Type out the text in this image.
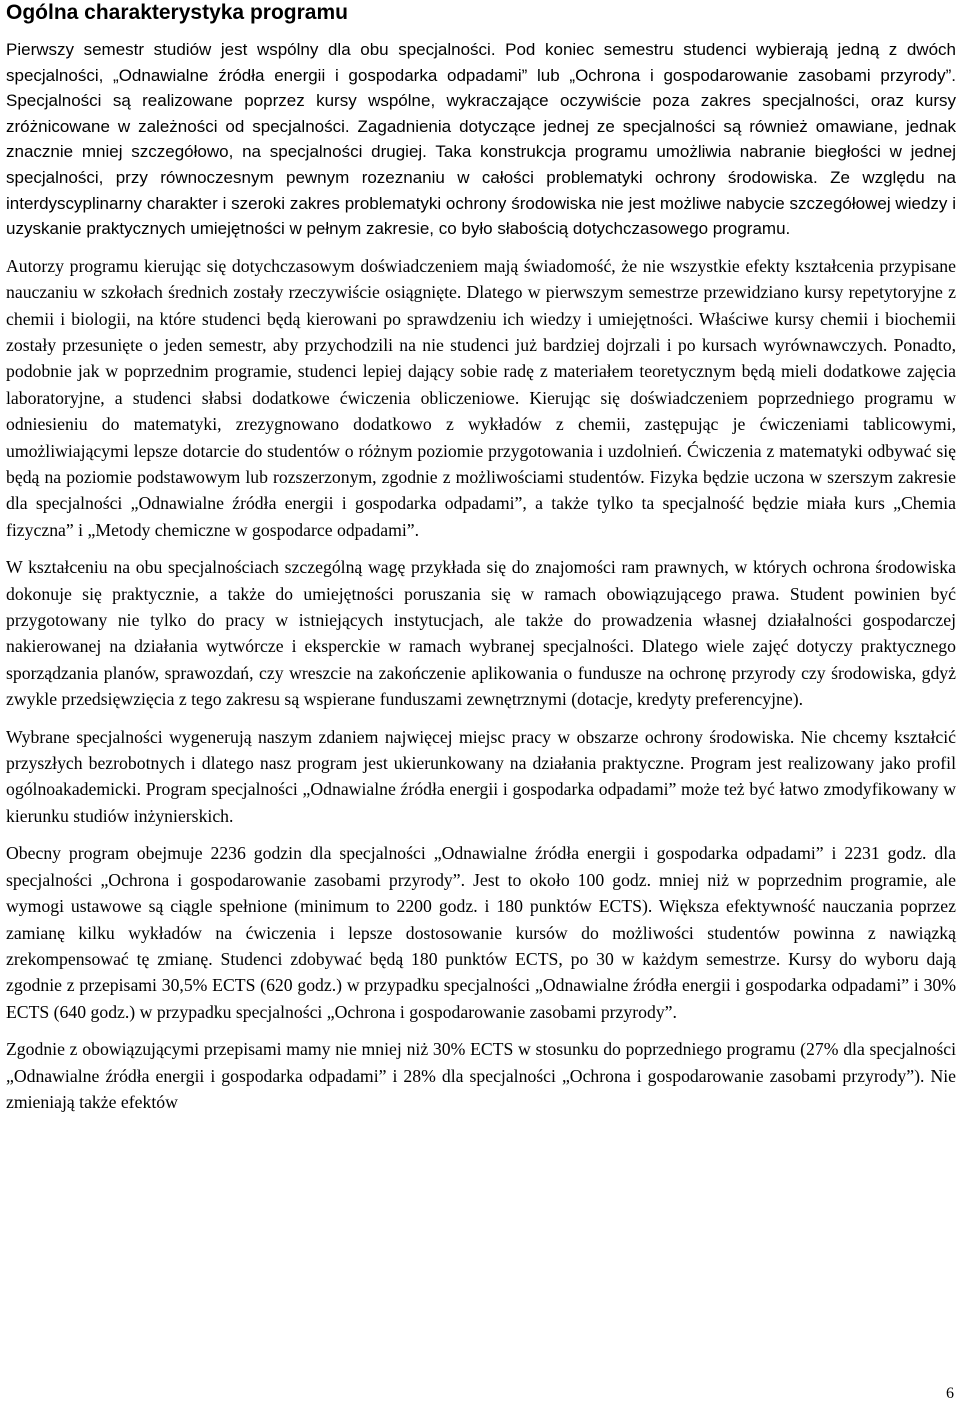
Ogólna charakterystyka programu

Pierwszy semestr studiów jest wspólny dla obu specjalności. Pod koniec semestru studenci wybierają jedną z dwóch specjalności, „Odnawialne źródła energii i gospodarka odpadami” lub „Ochrona i gospodarowanie zasobami przyrody”. Specjalności są realizowane poprzez kursy wspólne, wykraczające oczywiście poza zakres specjalności, oraz kursy zróżnicowane w zależności od specjalności. Zagadnienia dotyczące jednej ze specjalności są również omawiane, jednak znacznie mniej szczegółowo, na specjalności drugiej. Taka konstrukcja programu umożliwia nabranie biegłości w jednej specjalności, przy równoczesnym pewnym rozeznaniu w całości problematyki ochrony środowiska. Ze względu na interdyscyplinarny charakter i szeroki zakres problematyki ochrony środowiska nie jest możliwe nabycie szczegółowej wiedzy i uzyskanie praktycznych umiejętności w pełnym zakresie, co było słabością dotychczasowego programu.

Autorzy programu kierując się dotychczasowym doświadczeniem mają świadomość, że nie wszystkie efekty kształcenia przypisane nauczaniu w szkołach średnich zostały rzeczywiście osiągnięte. Dlatego w pierwszym semestrze przewidziano kursy repetytoryjne z chemii i biologii, na które studenci będą kierowani po sprawdzeniu ich wiedzy i umiejętności. Właściwe kursy chemii i biochemii zostały przesunięte o jeden semestr, aby przychodzili na nie studenci już bardziej dojrzali i po kursach wyrównawczych. Ponadto, podobnie jak w poprzednim programie, studenci lepiej dający sobie radę z materiałem teoretycznym będą mieli dodatkowe zajęcia laboratoryjne, a studenci słabsi dodatkowe ćwiczenia obliczeniowe. Kierując się doświadczeniem poprzedniego programu w odniesieniu do matematyki, zrezygnowano dodatkowo z wykładów z chemii, zastępując je ćwiczeniami tablicowymi, umożliwiającymi lepsze dotarcie do studentów o różnym poziomie przygotowania i uzdolnień. Ćwiczenia z matematyki odbywać się będą na poziomie podstawowym lub rozszerzonym, zgodnie z możliwościami studentów. Fizyka będzie uczona w szerszym zakresie dla specjalności „Odnawialne źródła energii i gospodarka odpadami”, a także tylko ta specjalność będzie miała kurs „Chemia fizyczna” i „Metody chemiczne w gospodarce odpadami”.

W kształceniu na obu specjalnościach szczególną wagę przykłada się do znajomości ram prawnych, w których ochrona środowiska dokonuje się praktycznie, a także do umiejętności poruszania się w ramach obowiązującego prawa. Student powinien być przygotowany nie tylko do pracy w istniejących instytucjach, ale także do prowadzenia własnej działalności gospodarczej nakierowanej na działania wytwórcze i eksperckie w ramach wybranej specjalności. Dlatego wiele zajęć dotyczy praktycznego sporządzania planów, sprawozdań, czy wreszcie na zakończenie aplikowania o fundusze na ochronę przyrody czy środowiska, gdyż zwykle przedsięwzięcia z tego zakresu są wspierane funduszami zewnętrznymi (dotacje, kredyty preferencyjne).

Wybrane specjalności wygenerują naszym zdaniem najwięcej miejsc pracy w obszarze ochrony środowiska. Nie chcemy kształcić przyszłych bezrobotnych i dlatego nasz program jest ukierunkowany na działania praktyczne. Program jest realizowany jako profil ogólnoakademicki. Program specjalności „Odnawialne źródła energii i gospodarka odpadami” może też być łatwo zmodyfikowany w kierunku studiów inżynierskich.

Obecny program obejmuje 2236 godzin dla specjalności „Odnawialne źródła energii i gospodarka odpadami” i 2231 godz. dla specjalności „Ochrona i gospodarowanie zasobami przyrody”. Jest to około 100 godz. mniej niż w poprzednim programie, ale wymogi ustawowe są ciągle spełnione (minimum to 2200 godz. i 180 punktów ECTS). Większa efektywność nauczania poprzez zamianę kilku wykładów na ćwiczenia i lepsze dostosowanie kursów do możliwości studentów powinna z nawiązką zrekompensować tę zmianę. Studenci zdobywać będą 180 punktów ECTS, po 30 w każdym semestrze. Kursy do wyboru dają zgodnie z przepisami 30,5% ECTS (620 godz.) w przypadku specjalności „Odnawialne źródła energii i gospodarka odpadami” i 30% ECTS (640 godz.) w przypadku specjalności „Ochrona i gospodarowanie zasobami przyrody”.

Zgodnie z obowiązującymi przepisami mamy nie mniej niż 30% ECTS w stosunku do poprzedniego programu (27% dla specjalności „Odnawialne źródła energii i gospodarka odpadami” i 28% dla specjalności „Ochrona i gospodarowanie zasobami przyrody”). Nie zmieniają także efektów

6
